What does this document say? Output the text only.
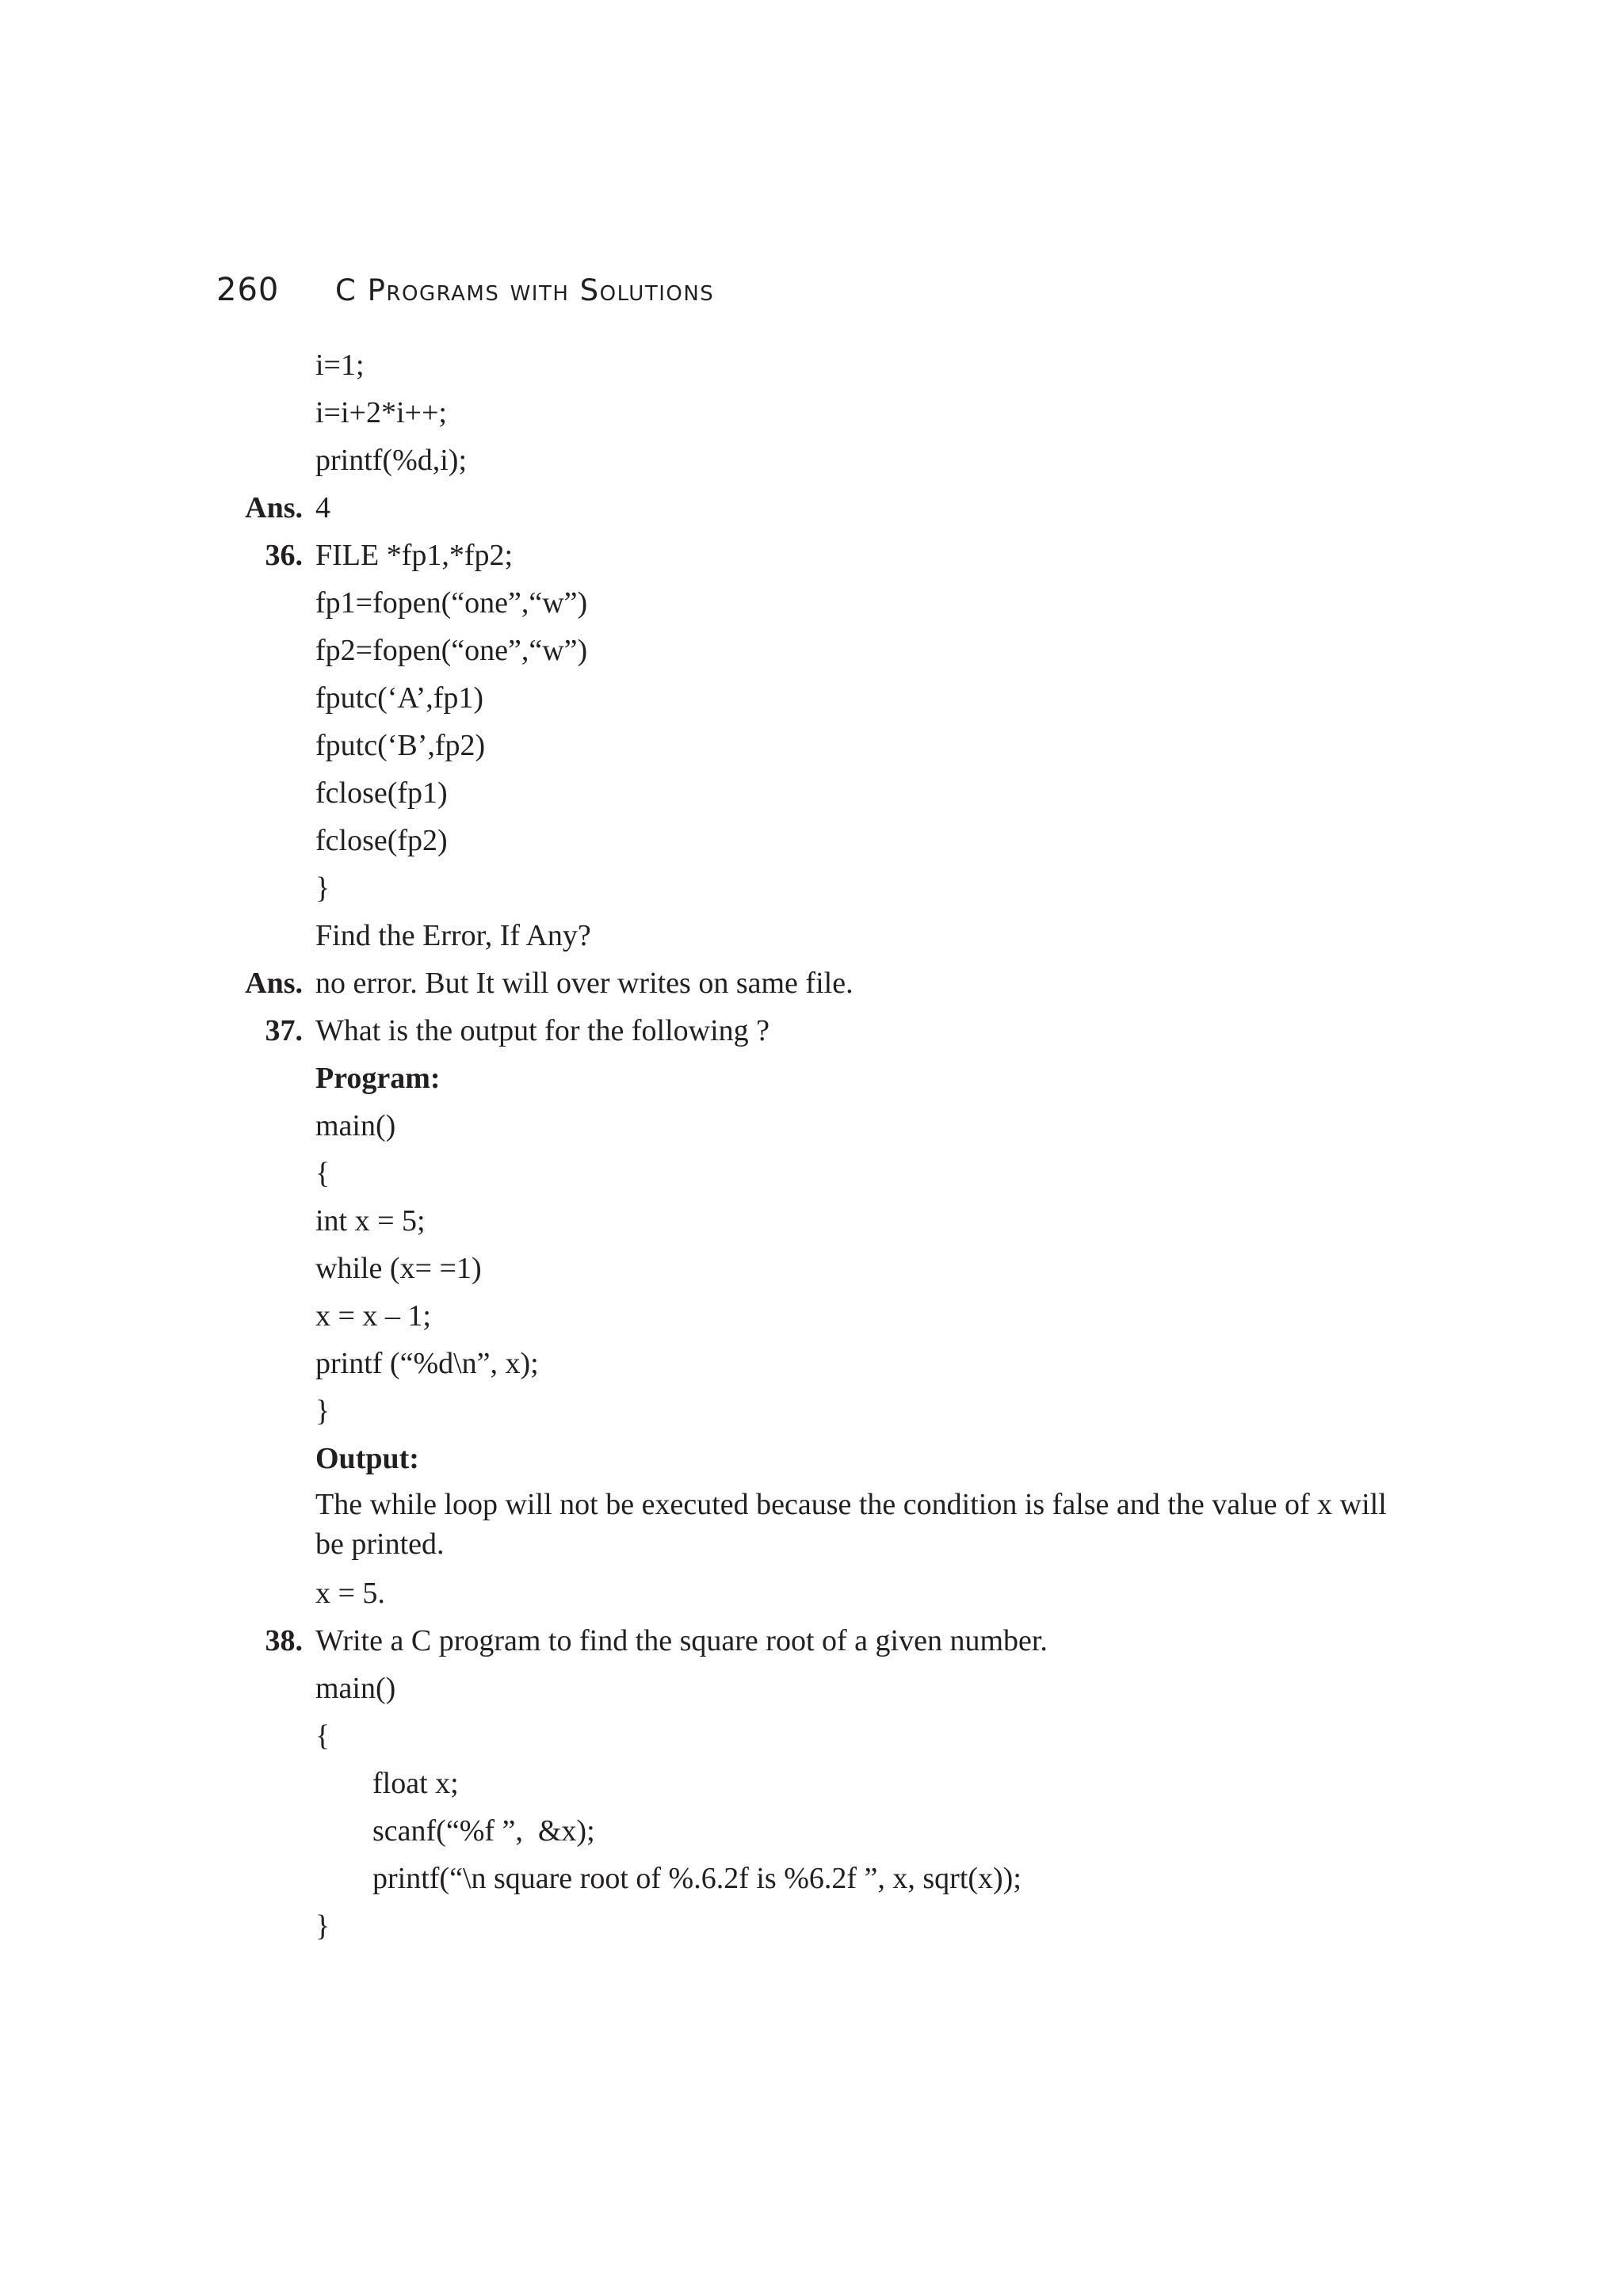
260	C Programs with Solutions
i=1;
i=i+2*i++;
printf(%d,i);
Ans. 4
36. FILE *fp1,*fp2;
fp1=fopen(“one”,“w”)
fp2=fopen(“one”,“w”)
fputc(‘A’,fp1)
fputc(‘B’,fp2)
fclose(fp1)
fclose(fp2)
}
Find the Error, If Any?
Ans. no error. But It will over writes on same file.
37. What is the output for the following ?
Program:
main()
{
int x = 5;
while (x= =1)
x = x – 1;
printf (“%d\n”, x);
}
Output:
The while loop will not be executed because the condition is false and the value of x will be printed.
x = 5.
38. Write a C program to find the square root of a given number.
main()
{
float x;
scanf(“%f ”,  &x);
printf(“\n square root of %.6.2f is %6.2f ”, x, sqrt(x));
}
